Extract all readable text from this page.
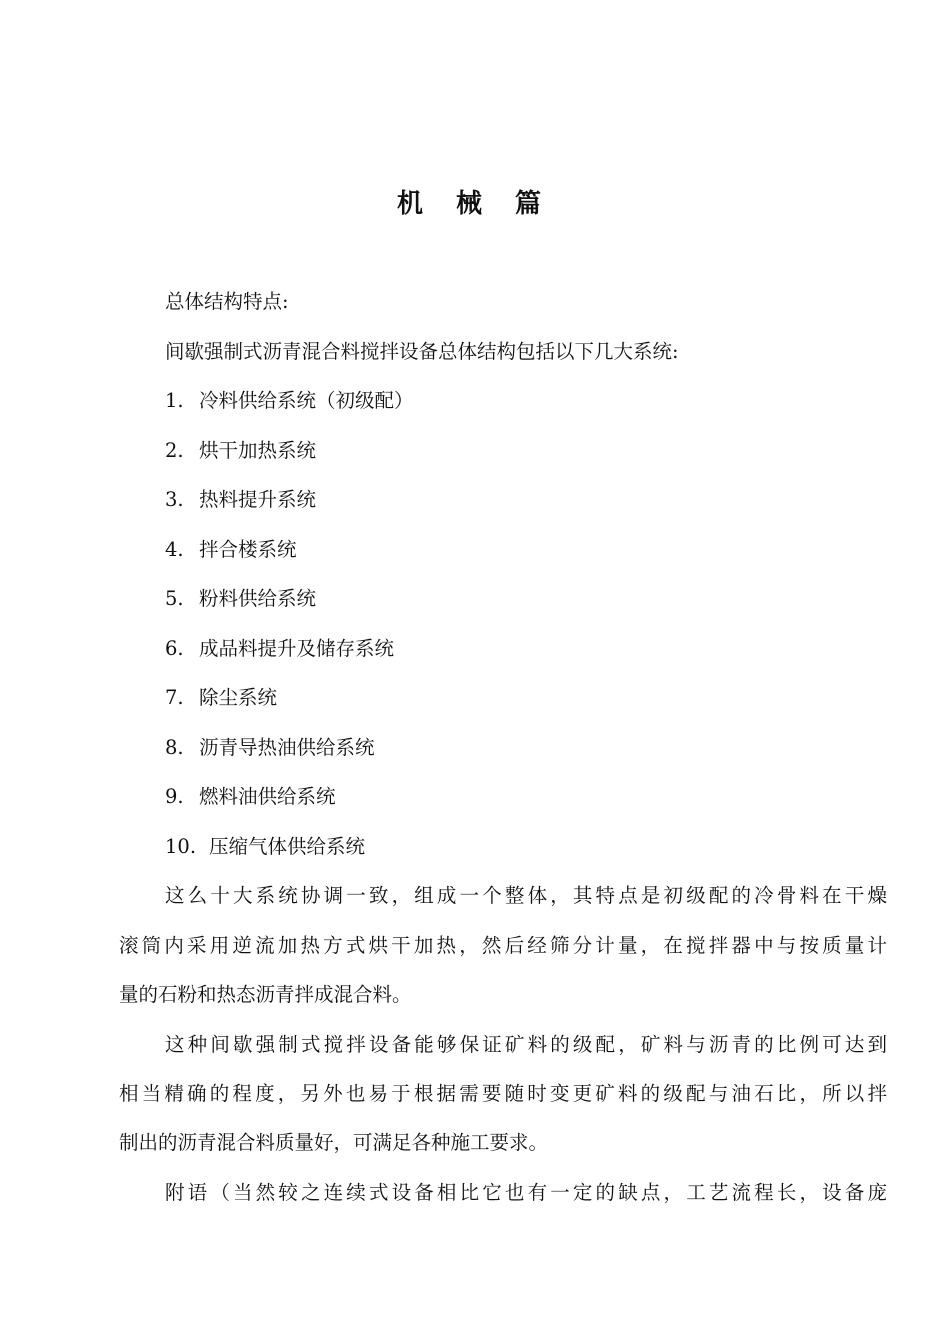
机 械 篇
总体结构特点:
间歇强制式沥青混合料搅拌设备总体结构包括以下几大系统:
1. 冷料供给系统（初级配）
2. 烘干加热系统
3. 热料提升系统
4. 拌合楼系统
5. 粉料供给系统
6. 成品料提升及储存系统
7. 除尘系统
8. 沥青导热油供给系统
9. 燃料油供给系统
10. 压缩气体供给系统
这么十大系统协调一致，组成一个整体，其特点是初级配的冷骨料在干燥
滚筒内采用逆流加热方式烘干加热，然后经筛分计量，在搅拌器中与按质量计
量的石粉和热态沥青拌成混合料。
这种间歇强制式搅拌设备能够保证矿料的级配，矿料与沥青的比例可达到
相当精确的程度，另外也易于根据需要随时变更矿料的级配与油石比，所以拌
制出的沥青混合料质量好，可满足各种施工要求。
附语（当然较之连续式设备相比它也有一定的缺点，工艺流程长，设备庞
